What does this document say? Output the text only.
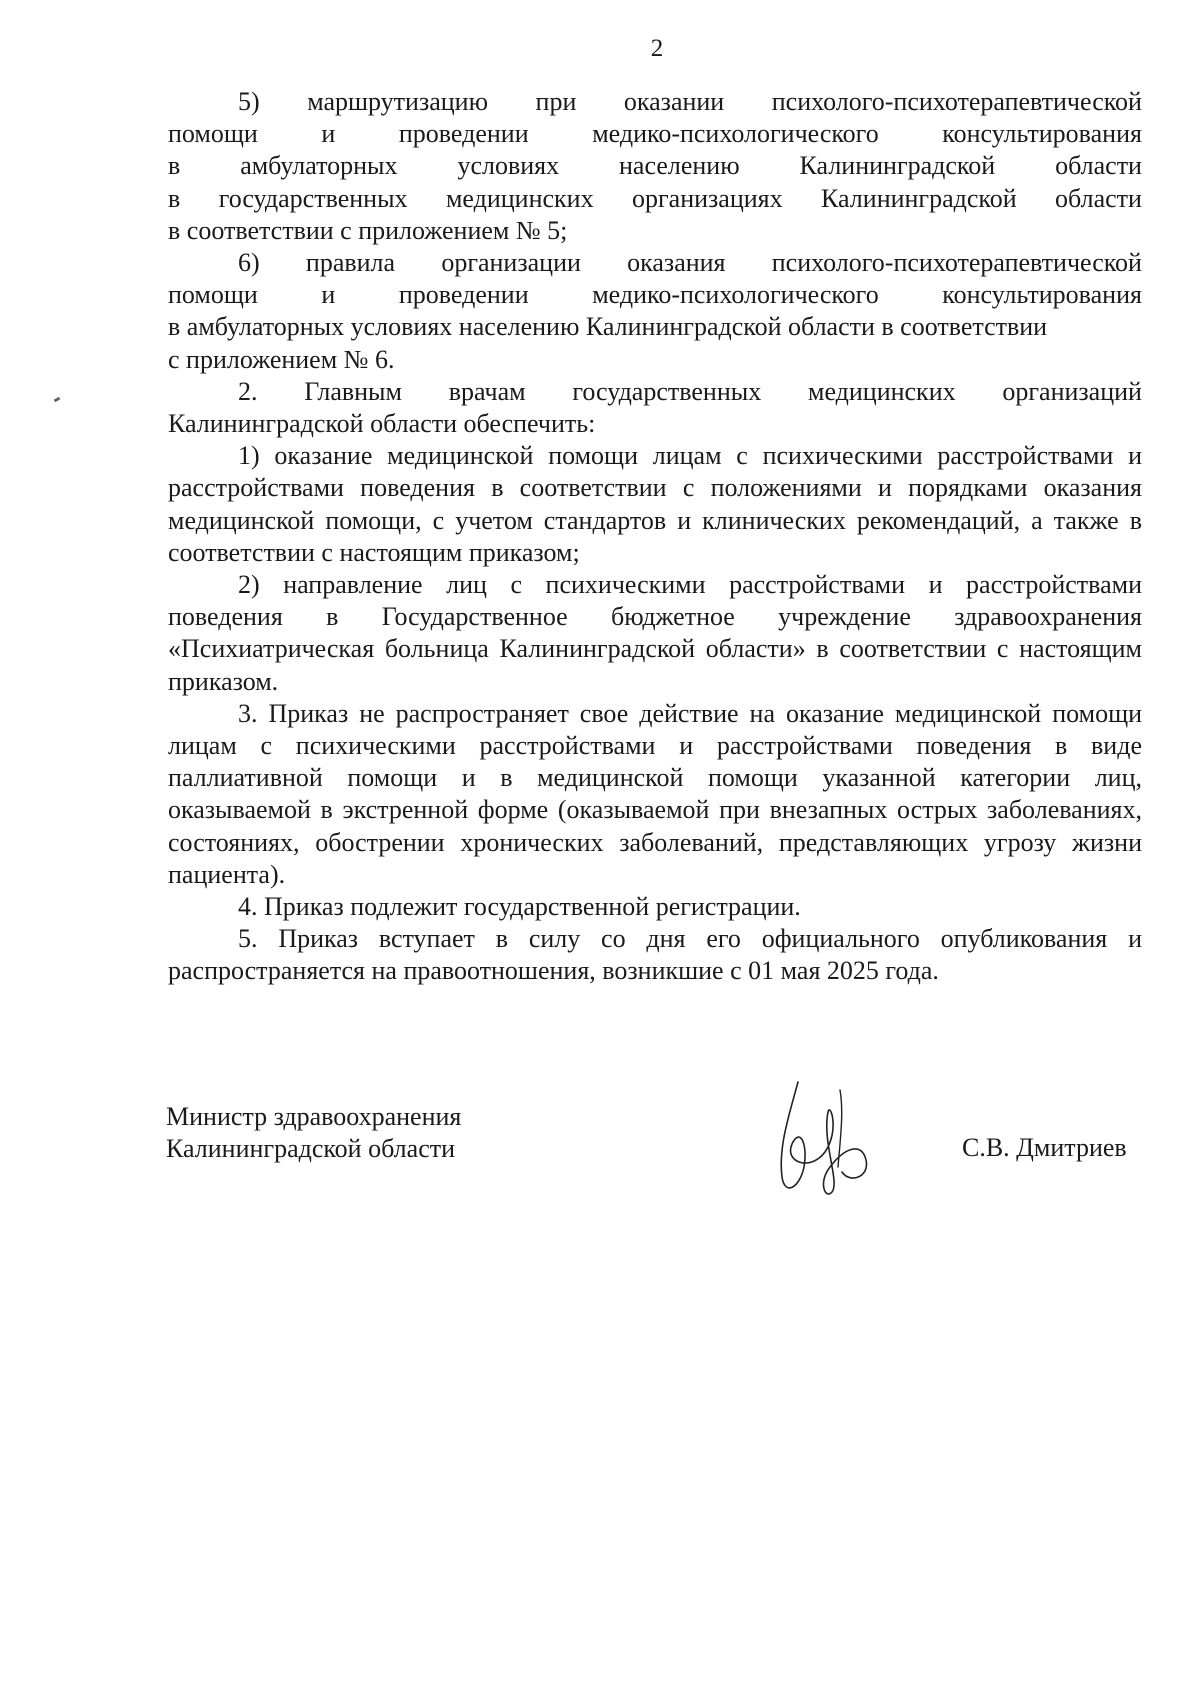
2
5) маршрутизацию при оказании психолого-психотерапевтической
помощи и проведении медико-психологического консультирования
в амбулаторных условиях населению Калининградской области
в государственных медицинских организациях Калининградской области

в соответствии с приложением № 5;

6) правила организации оказания психолого-психотерапевтической
помощи и проведении медико-психологического консультирования
в амбулаторных условиях населению Калининградской области в соответствии

с приложением № 6.

2. Главным врачам государственных медицинских организаций

Калининградской области обеспечить:

1) оказание медицинской помощи лицам с психическими расстройствами и расстройствами поведения в соответствии с положениями и порядками оказания медицинской помощи, с учетом стандартов и клинических рекомендаций, а также в соответствии с настоящим приказом;

2) направление лиц с психическими расстройствами и расстройствами поведения в Государственное бюджетное учреждение здравоохранения «Психиатрическая больница Калининградской области» в соответствии с настоящим приказом.

3. Приказ не распространяет свое действие на оказание медицинской помощи лицам с психическими расстройствами и расстройствами поведения в виде паллиативной помощи и в медицинской помощи указанной категории лиц, оказываемой в экстренной форме (оказываемой при внезапных острых заболеваниях, состояниях, обострении хронических заболеваний, представляющих угрозу жизни пациента).

4. Приказ подлежит государственной регистрации.

5. Приказ вступает в силу со дня его официального опубликования и распространяется на правоотношения, возникшие с 01 мая 2025 года.

Министр здравоохранения
Калининградской области	С.В. Дмитриев
